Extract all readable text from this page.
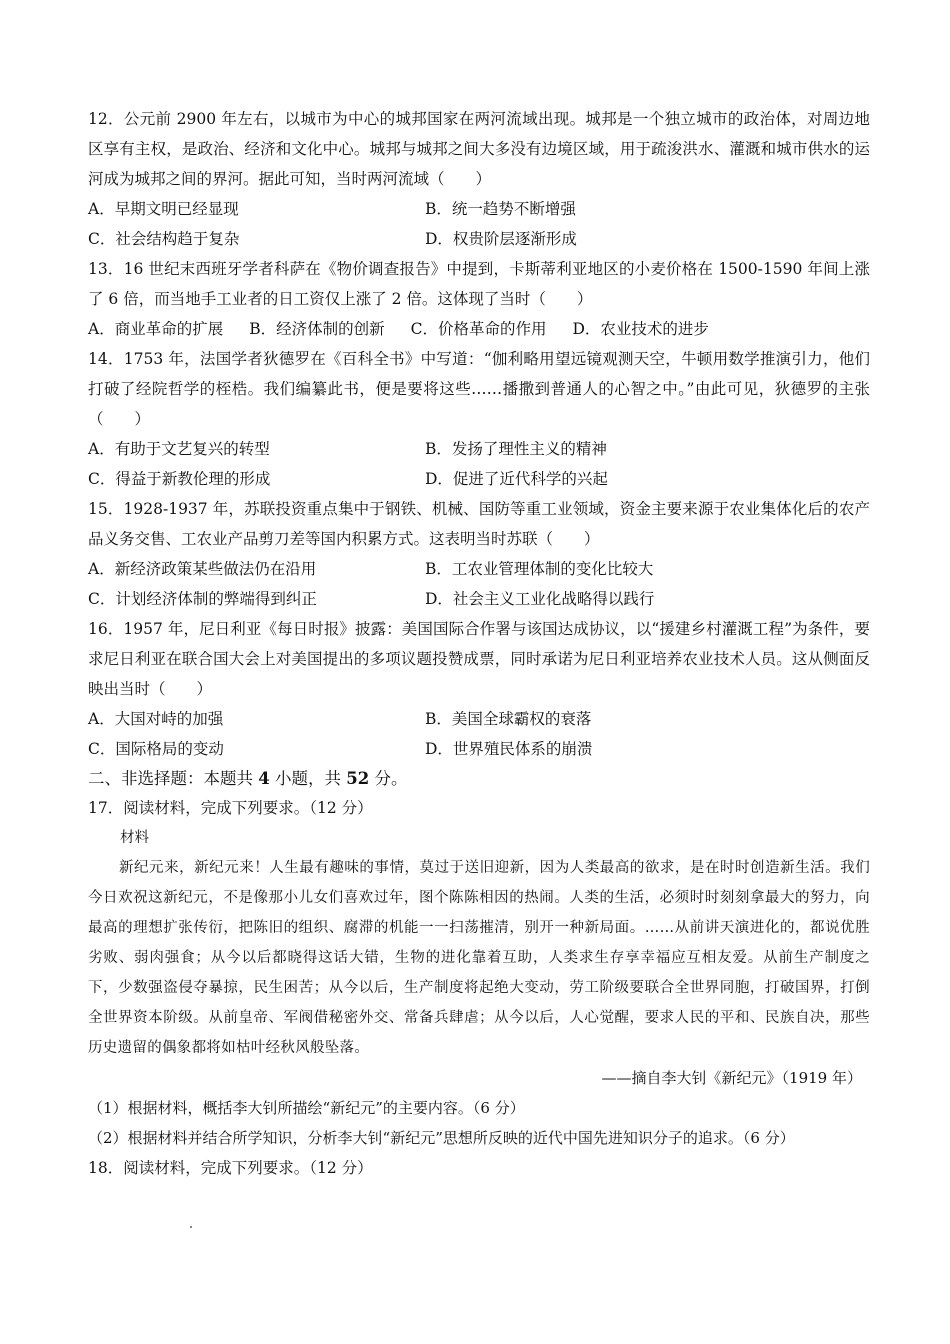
12．公元前 2900 年左右，以城市为中心的城邦国家在两河流域出现。城邦是一个独立城市的政治体，对周边地区享有主权，是政治、经济和文化中心。城邦与城邦之间大多没有边境区域，用于疏浚洪水、灌溉和城市供水的运河成为城邦之间的界河。据此可知，当时两河流域（　　）
A．早期文明已经显现	B．统一趋势不断增强
C．社会结构趋于复杂	D．权贵阶层逐渐形成
13．16 世纪末西班牙学者科萨在《物价调查报告》中提到，卡斯蒂利亚地区的小麦价格在 1500-1590 年间上涨了 6 倍，而当地手工业者的日工资仅上涨了 2 倍。这体现了当时（　　）
A．商业革命的扩展 B．经济体制的创新 C．价格革命的作用 D．农业技术的进步
14．1753 年，法国学者狄德罗在《百科全书》中写道：“伽利略用望远镜观测天空，牛顿用数学推演引力，他们打破了经院哲学的桎梏。我们编纂此书，便是要将这些……播撒到普通人的心智之中。”由此可见，狄德罗的主张（　　）
A．有助于文艺复兴的转型	B．发扬了理性主义的精神
C．得益于新教伦理的形成	D．促进了近代科学的兴起
15．1928-1937 年，苏联投资重点集中于钢铁、机械、国防等重工业领域，资金主要来源于农业集体化后的农产品义务交售、工农业产品剪刀差等国内积累方式。这表明当时苏联（　　）
A．新经济政策某些做法仍在沿用	B．工农业管理体制的变化比较大
C．计划经济体制的弊端得到纠正	D．社会主义工业化战略得以践行
16．1957 年，尼日利亚《每日时报》披露：美国国际合作署与该国达成协议，以“援建乡村灌溉工程”为条件，要求尼日利亚在联合国大会上对美国提出的多项议题投赞成票，同时承诺为尼日利亚培养农业技术人员。这从侧面反映出当时（　　）
A．大国对峙的加强	B．美国全球霸权的衰落
C．国际格局的变动	D．世界殖民体系的崩溃
二、非选择题：本题共 4 小题，共 52 分。
17．阅读材料，完成下列要求。（12 分）
材料
新纪元来，新纪元来！人生最有趣味的事情，莫过于送旧迎新，因为人类最高的欲求，是在时时创造新生活。我们今日欢祝这新纪元，不是像那小儿女们喜欢过年，图个陈陈相因的热闹。人类的生活，必须时时刻刻拿最大的努力，向最高的理想扩张传衍，把陈旧的组织、腐滞的机能一一扫荡摧清，别开一种新局面。……从前讲天演进化的，都说优胜劣败、弱肉强食；从今以后都晓得这话大错，生物的进化靠着互助，人类求生存享幸福应互相友爱。从前生产制度之下，少数强盗侵夺暴掠，民生困苦；从今以后，生产制度将起绝大变动，劳工阶级要联合全世界同胞，打破国界，打倒全世界资本阶级。从前皇帝、军阀借秘密外交、常备兵肆虐；从今以后，人心觉醒，要求人民的平和、民族自决，那些历史遗留的偶象都将如枯叶经秋风般坠落。
——摘自李大钊《新纪元》（1919 年）
（1）根据材料，概括李大钊所描绘“新纪元”的主要内容。（6 分）
（2）根据材料并结合所学知识，分析李大钊“新纪元”思想所反映的近代中国先进知识分子的追求。（6 分）
18．阅读材料，完成下列要求。（12 分）
